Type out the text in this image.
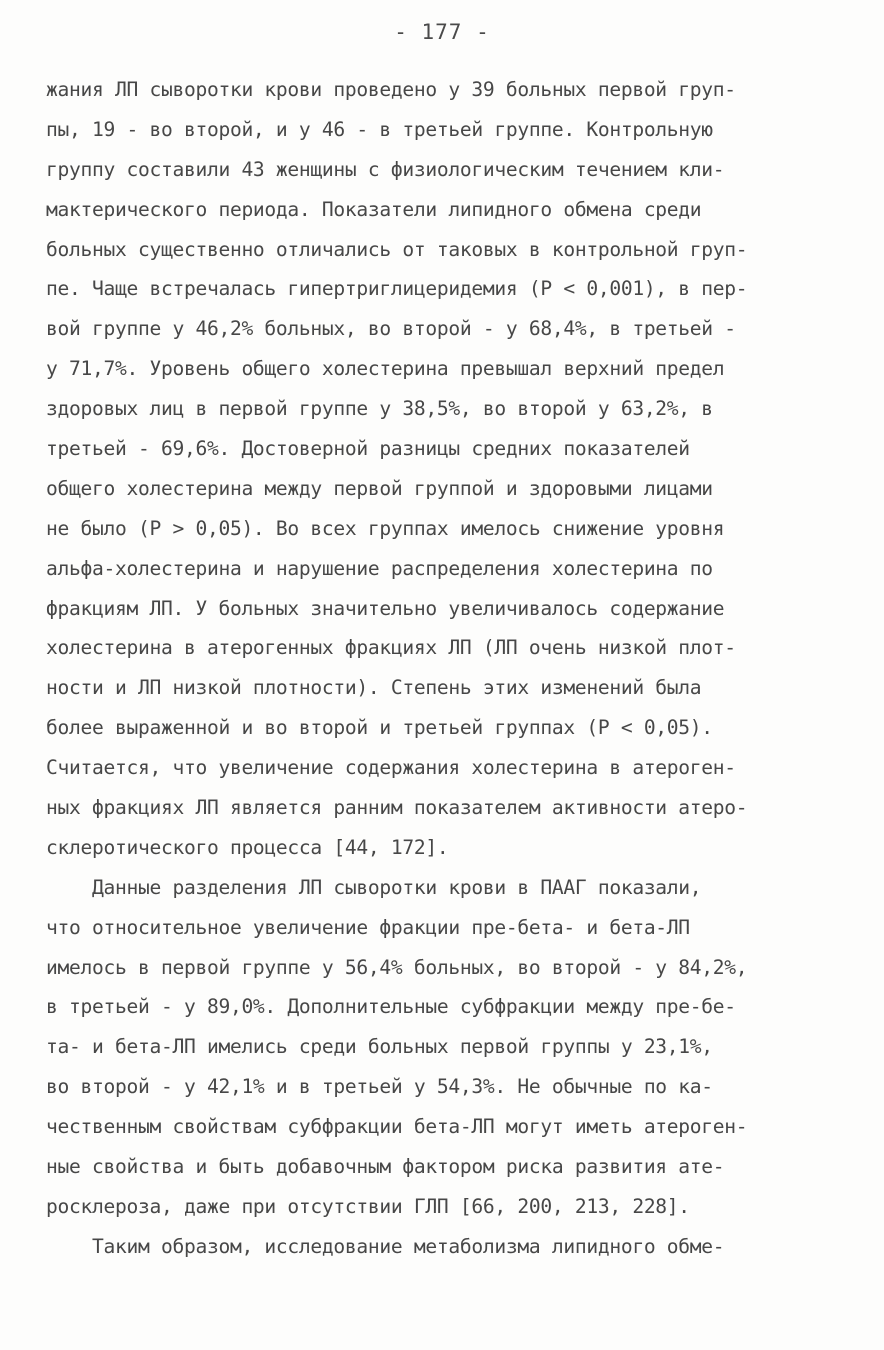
- 177 -
жания ЛП сыворотки крови проведено у 39 больных первой груп-
пы, 19 - во второй, и у 46 - в третьей группе. Контрольную
группу составили 43 женщины с физиологическим течением кли-
мактерического периода. Показатели липидного обмена среди
больных существенно отличались от таковых в контрольной груп-
пе. Чаще встречалась гипертриглицеридемия (P < 0,001), в пер-
вой группе у 46,2% больных, во второй - у 68,4%, в третьей -
у 71,7%. Уровень общего холестерина превышал верхний предел
здоровых лиц в первой группе у 38,5%, во второй у 63,2%, в
третьей - 69,6%. Достоверной разницы средних показателей
общего холестерина между первой группой и здоровыми лицами
не было (P > 0,05). Во всех группах имелось снижение уровня
альфа-холестерина и нарушение распределения холестерина по
фракциям ЛП. У больных значительно увеличивалось содержание
холестерина в атерогенных фракциях ЛП (ЛП очень низкой плот-
ности и ЛП низкой плотности). Степень этих изменений была
более выраженной и во второй и третьей группах (P < 0,05).
Считается, что увеличение содержания холестерина в атероген-
ных фракциях ЛП является ранним показателем активности атеро-
склеротического процесса [44, 172].
Данные разделения ЛП сыворотки крови в ПААГ показали,
что относительное увеличение фракции пре-бета- и бета-ЛП
имелось в первой группе у 56,4% больных, во второй - у 84,2%,
в третьей - у 89,0%. Дополнительные субфракции между пре-бе-
та- и бета-ЛП имелись среди больных первой группы у 23,1%,
во второй - у 42,1% и в третьей у 54,3%. Не обычные по ка-
чественным свойствам субфракции бета-ЛП могут иметь атероген-
ные свойства и быть добавочным фактором риска развития ате-
росклероза, даже при отсутствии ГЛП [66, 200, 213, 228].
Таким образом, исследование метаболизма липидного обме-
